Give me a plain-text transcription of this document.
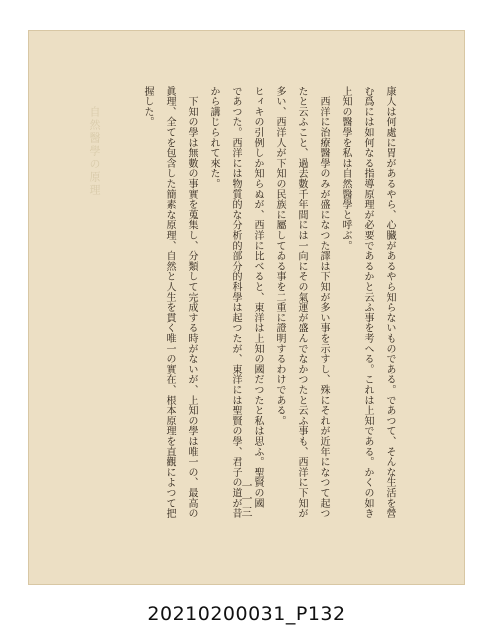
自然醫學の原理	康人は何處に胃があるやら、心臓があるやら知らないものである。であつて、そんな生活を營
む爲には如何なる指導原理が必要であるかと云ふ事を考へる。これは上知である。かくの如き
上知の醫學を私は自然醫學と呼ぶ。
　西洋に治療醫學のみが盛になつた譯は下知が多い事を示すし、殊にそれが近年になつて起つ
たと云ふこと、過去數千年間には一向にその氣運が盛んでなかつたと云ふ事も、西洋に下知が
多い、西洋人が下知の民族に屬してゐる事を二重に證明するわけである。
ヒィキの引例しか知らぬが、西洋に比べると、東洋は上知の國だつたと私は思ふ。聖賢の國
であつた。西洋には物質的な分析的部分的科學は起つたが、東洋には聖賢の學、君子の道が昔
から講じられて來た。
　下知の學は無數の事實を蒐集し、分類して完成する時がないが、上知の學は唯一の、最高の
眞理、全てを包含した簡素な原理、自然と人生を貫く唯一の實在、根本原理を直觀によつて把
握した。
一一三
20210200031_P132
